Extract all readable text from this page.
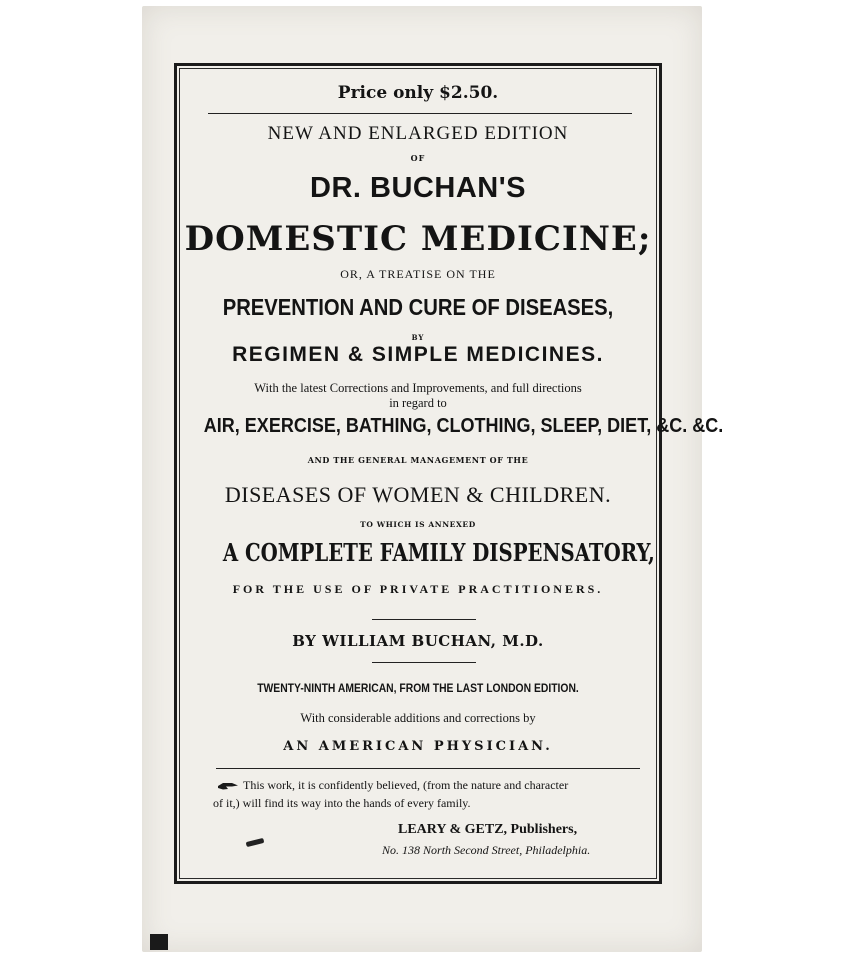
Price only $2.50.
NEW AND ENLARGED EDITION
OF
DR. BUCHAN'S
DOMESTIC MEDICINE;
OR, A TREATISE ON THE
PREVENTION AND CURE OF DISEASES,
BY
REGIMEN & SIMPLE MEDICINES.
With the latest Corrections and Improvements, and full directions
in regard to
AIR, EXERCISE, BATHING, CLOTHING, SLEEP, DIET, &C. &C.
AND THE GENERAL MANAGEMENT OF THE
DISEASES OF WOMEN & CHILDREN.
TO WHICH IS ANNEXED
A COMPLETE FAMILY DISPENSATORY,
FOR THE USE OF PRIVATE PRACTITIONERS.
BY WILLIAM BUCHAN, M.D.
TWENTY-NINTH AMERICAN, FROM THE LAST LONDON EDITION.
With considerable additions and corrections by
AN AMERICAN PHYSICIAN.
This work, it is confidently believed, (from the nature and character
of it,) will find its way into the hands of every family.
LEARY & GETZ, Publishers,
No. 138 North Second Street, Philadelphia.
